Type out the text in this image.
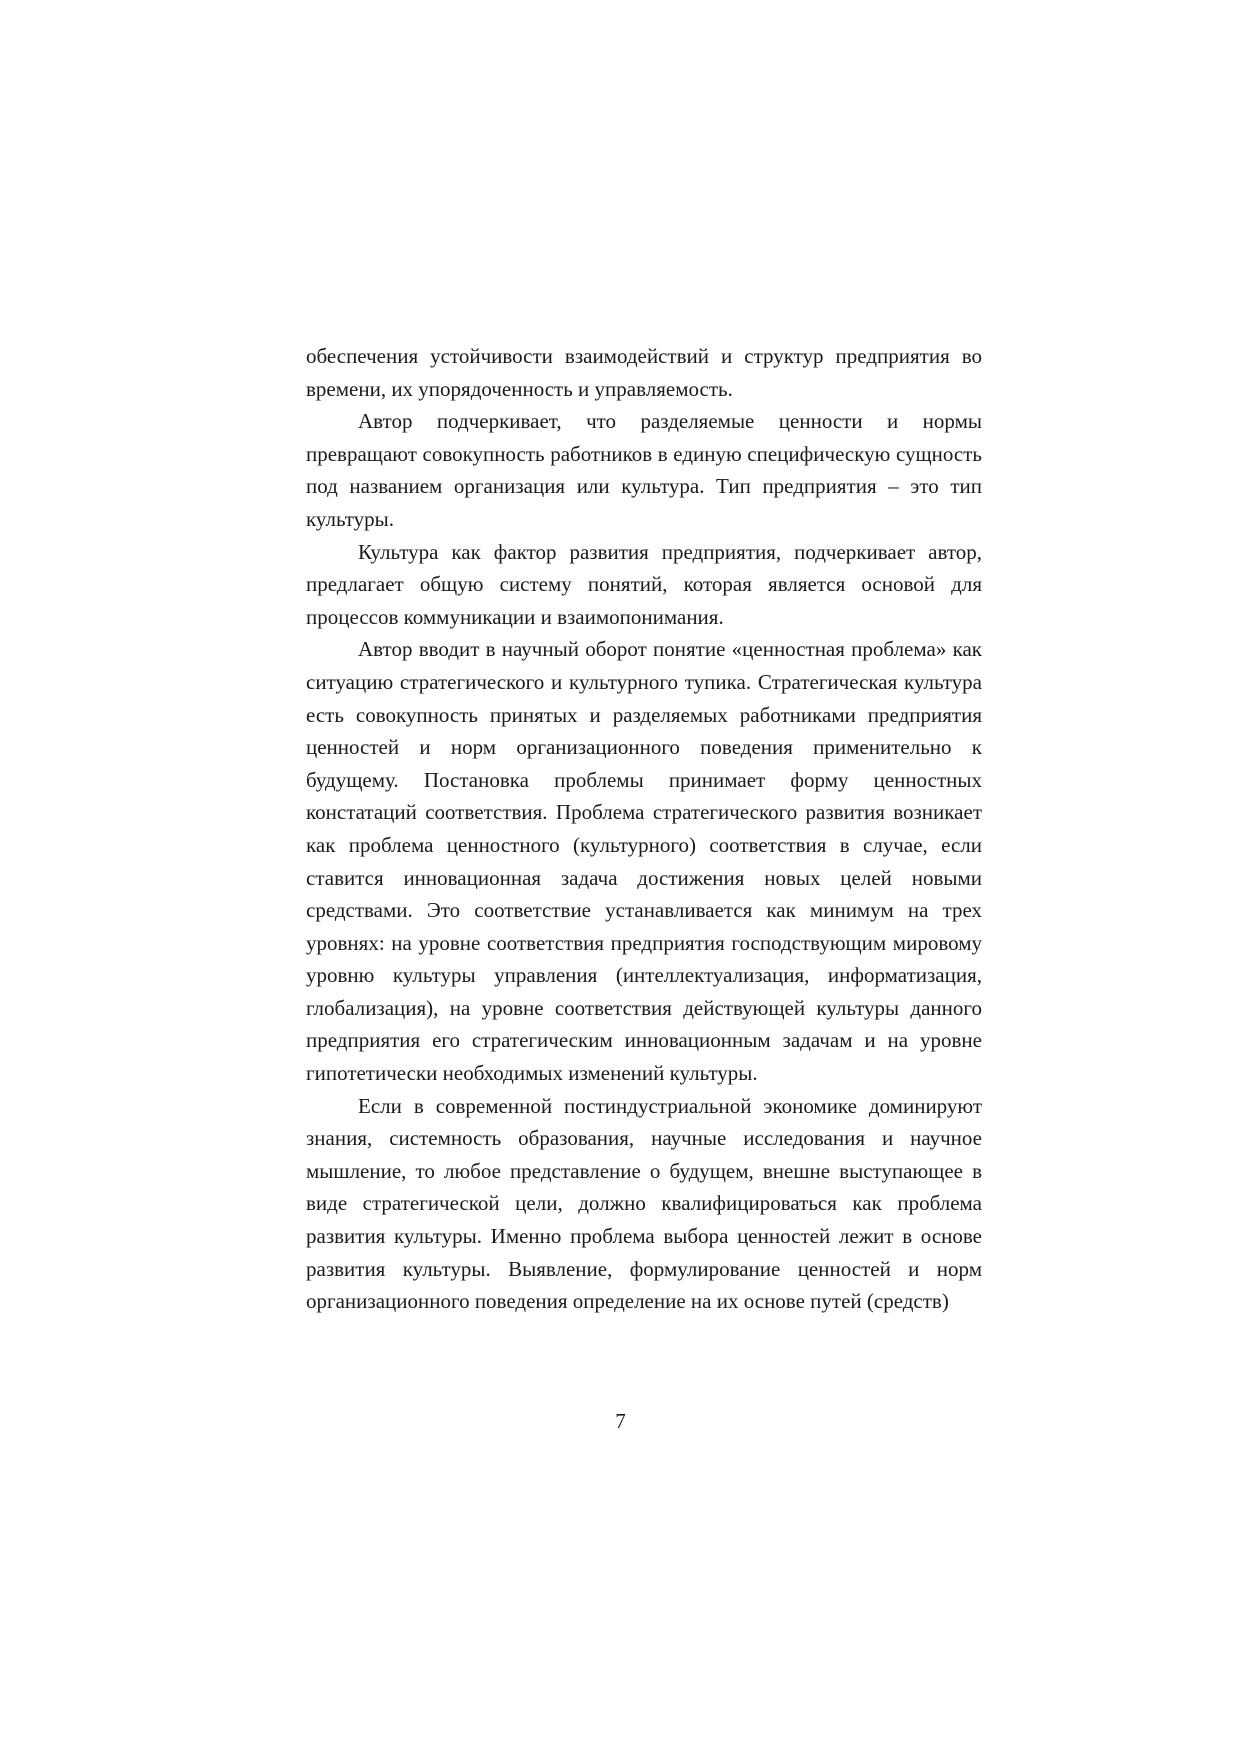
обеспечения устойчивости взаимодействий и структур предприятия во времени, их упорядоченность и управляемость.

Автор подчеркивает, что разделяемые ценности и нормы превращают совокупность работников в единую специфическую сущность под названием организация или культура. Тип предприятия – это тип культуры.

Культура как фактор развития предприятия, подчеркивает автор, предлагает общую систему понятий, которая является основой для процессов коммуникации и взаимопонимания.

Автор вводит в научный оборот понятие «ценностная проблема» как ситуацию стратегического и культурного тупика. Стратегическая культура есть совокупность принятых и разделяемых работниками предприятия ценностей и норм организационного поведения применительно к будущему. Постановка проблемы принимает форму ценностных констатаций соответствия. Проблема стратегического развития возникает как проблема ценностного (культурного) соответствия в случае, если ставится инновационная задача достижения новых целей новыми средствами. Это соответствие устанавливается как минимум на трех уровнях: на уровне соответствия предприятия господствующим мировому уровню культуры управления (интеллектуализация, информатизация, глобализация), на уровне соответствия действующей культуры данного предприятия его стратегическим инновационным задачам и на уровне гипотетически необходимых изменений культуры.

Если в современной постиндустриальной экономике доминируют знания, системность образования, научные исследования и научное мышление, то любое представление о будущем, внешне выступающее в виде стратегической цели, должно квалифицироваться как проблема развития культуры. Именно проблема выбора ценностей лежит в основе развития культуры. Выявление, формулирование ценностей и норм организационного поведения определение на их основе путей (средств)

7
